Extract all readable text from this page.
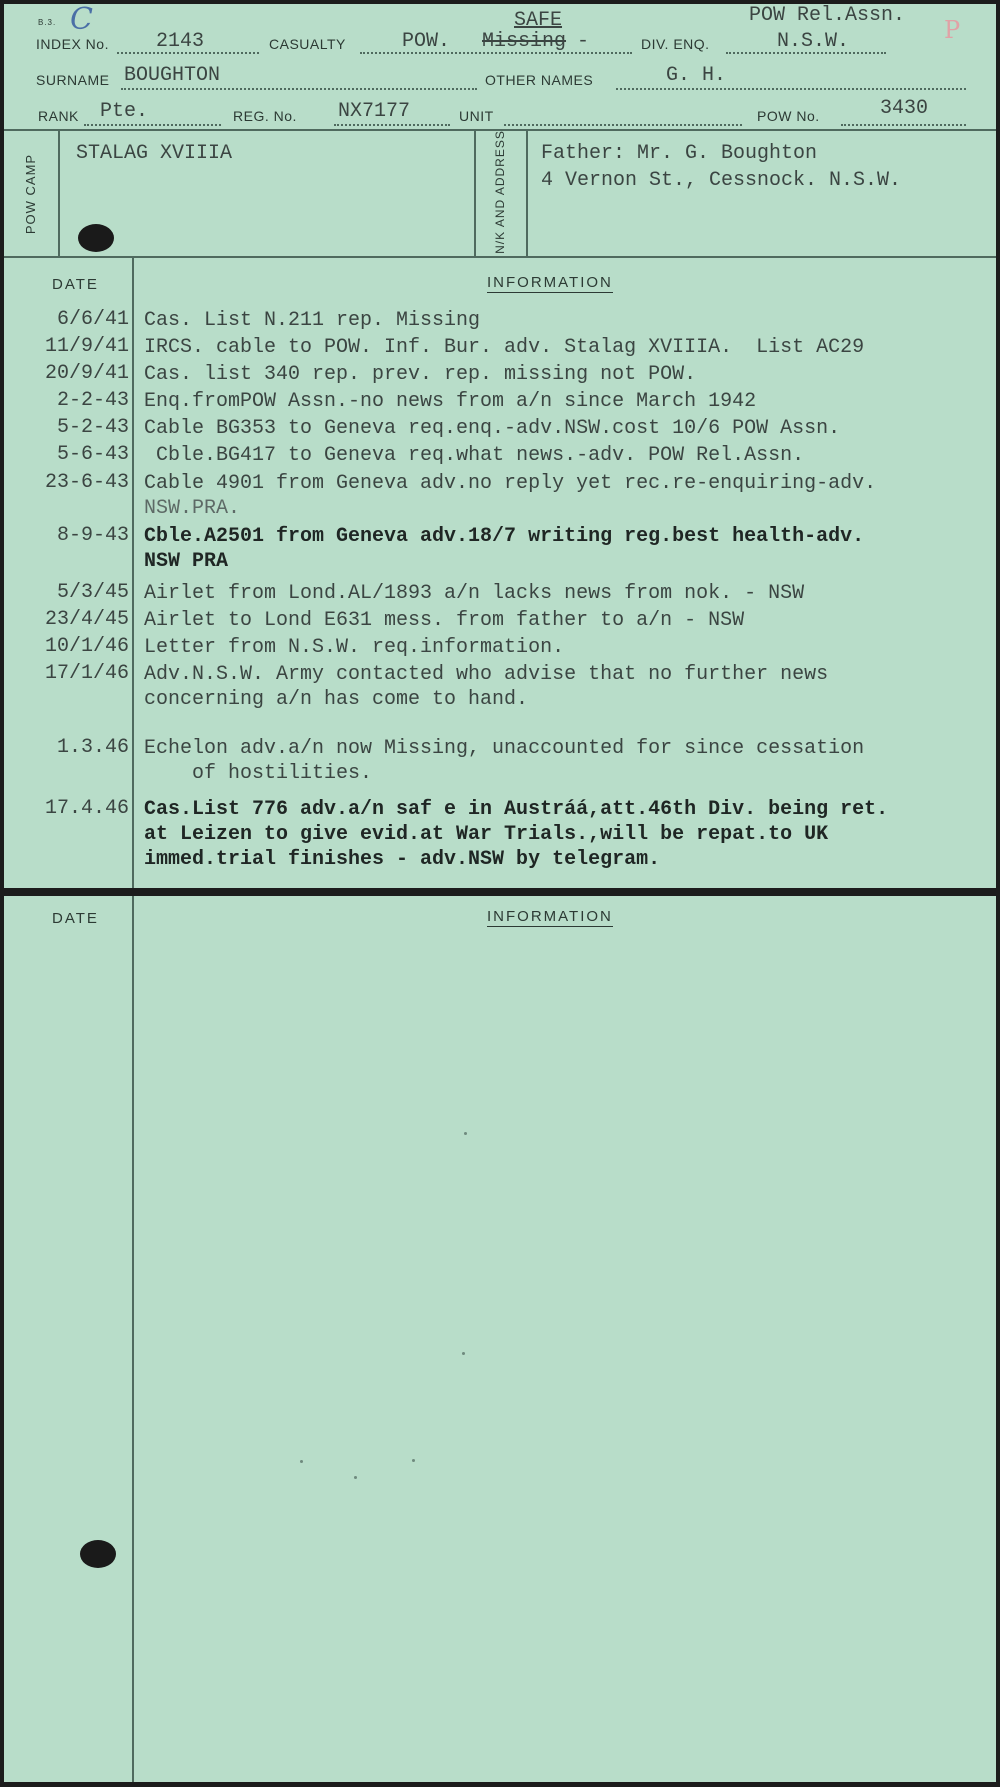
B.3. C	P
INDEX No. 2143	CASUALTY	POW. Missing -
SAFE
DIV. ENQ.
POW Rel.Assn.
N.S.W.
SURNAME BOUGHTON	OTHER NAMES	G. H.
RANK Pte.	REG. No. NX7177	UNIT	POW No.	3430
POW CAMP	N/K AND ADDRESS
STALAG XVIIIA	Father: Mr. G. Boughton
4 Vernon St., Cessnock. N.S.W.
DATE	INFORMATION
6/6/41 Cas. List N.211 rep. Missing
11/9/41 IRCS. cable to POW. Inf. Bur. adv. Stalag XVIIIA.  List AC29
20/9/41 Cas. list 340 rep. prev. rep. missing not POW.
2-2-43 Enq.fromPOW Assn.-no news from a/n since March 1942
5-2-43 Cable BG353 to Geneva req.enq.-adv.NSW.cost 10/6 POW Assn.
5-6-43 Cble.BG417 to Geneva req.what news.-adv. POW Rel.Assn.
23-6-43 Cable 4901 from Geneva adv.no reply yet rec.re-enquiring-adv.
NSW.PRA.
8-9-43 Cble.A2501 from Geneva adv.18/7 writing reg.best health-adv.
NSW PRA
5/3/45 Airlet from Lond.AL/1893 a/n lacks news from nok. - NSW
23/4/45 Airlet to Lond E631 mess. from father to a/n - NSW
10/1/46 Letter from N.S.W. req.information.
17/1/46 Adv.N.S.W. Army contacted who advise that no further news
concerning a/n has come to hand.
1.3.46 Echelon adv.a/n now Missing, unaccounted for since cessation
of hostilities.
17.4.46 Cas.List 776 adv.a/n saf e in Austráá,att.46th Div. being ret.
at Leizen to give evid.at War Trials.,will be repat.to UK
immed.trial finishes - adv.NSW by telegram.
DATE	INFORMATION
